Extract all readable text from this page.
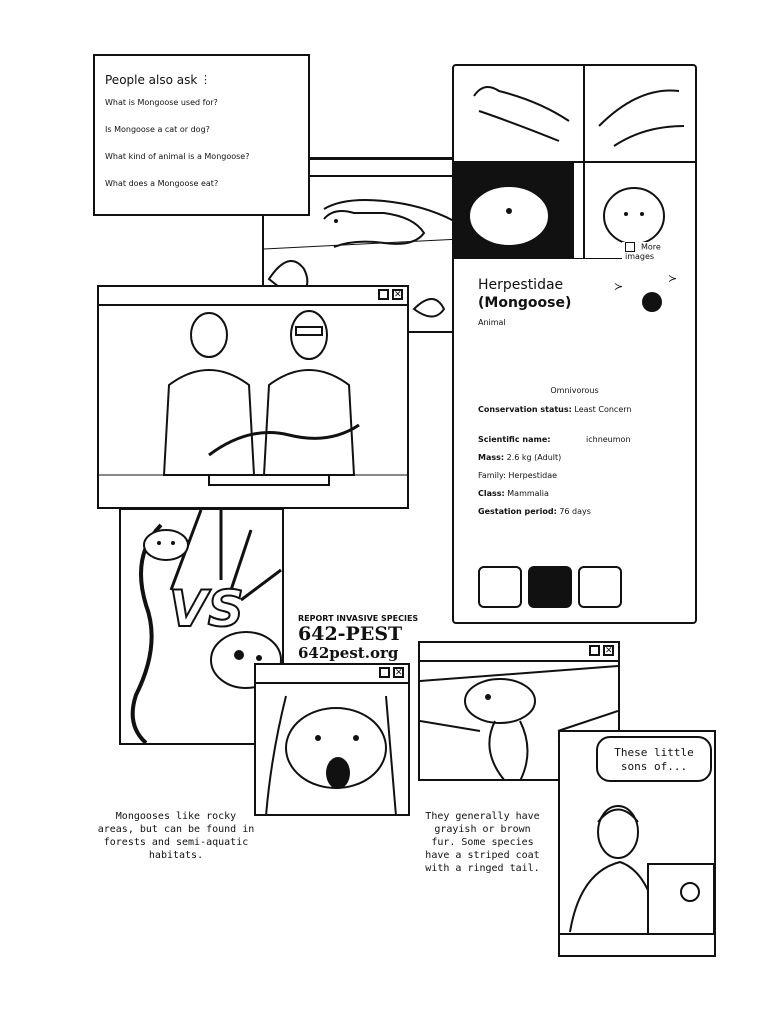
People also ask ⋮
What is Mongoose used for?
Is Mongoose a cat or dog?
What kind of animal is a Mongoose?
What does a Mongoose eat?
More images
Herpestidae
(Mongoose)
Animal
≻
≻
Omnivorous
Conservation status: Least Concern
Scientific name:	ichneumon
Mass: 2.6 kg (Adult)
Family: Herpestidae
Class: Mammalia
Gestation period: 76 days
✕
VS	REPORT INVASIVE SPECIES
642-PEST
642pest.org
✕
✕
These little sons of...
Mongooses like rocky areas, but can be found in forests and semi-aquatic habitats.
They generally have grayish or brown fur. Some species have a striped coat with a ringed tail.
